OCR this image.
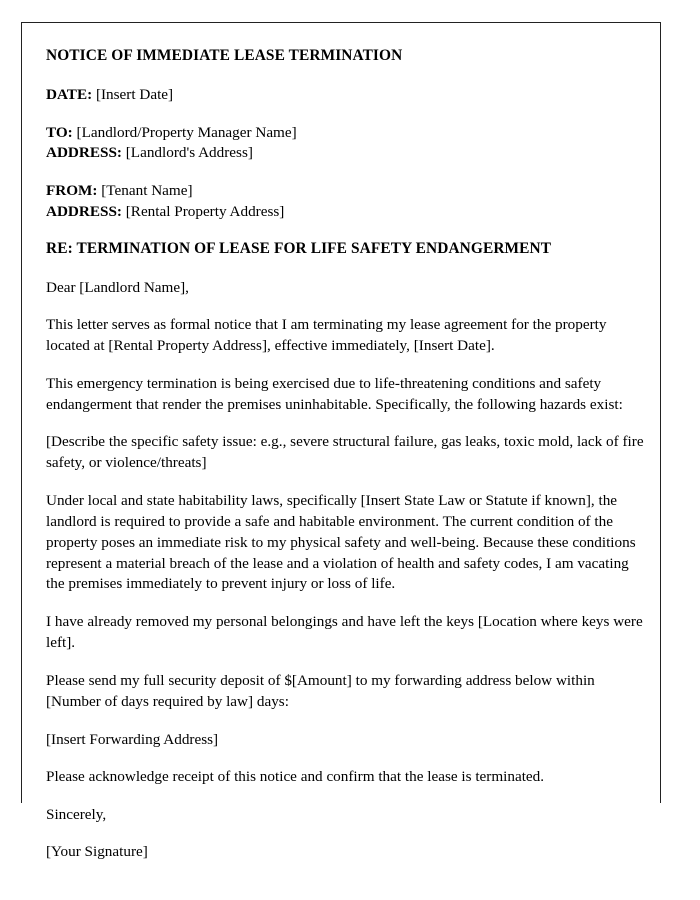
NOTICE OF IMMEDIATE LEASE TERMINATION

DATE: [Insert Date]

TO: [Landlord/Property Manager Name]

ADDRESS: [Landlord's Address]

FROM: [Tenant Name]

ADDRESS: [Rental Property Address]

RE: TERMINATION OF LEASE FOR LIFE SAFETY ENDANGERMENT

Dear [Landlord Name],

This letter serves as formal notice that I am terminating my lease agreement for the property located at [Rental Property Address], effective immediately, [Insert Date].

This emergency termination is being exercised due to life-threatening conditions and safety endangerment that render the premises uninhabitable. Specifically, the following hazards exist:

[Describe the specific safety issue: e.g., severe structural failure, gas leaks, toxic mold, lack of fire safety, or violence/threats]

Under local and state habitability laws, specifically [Insert State Law or Statute if known], the landlord is required to provide a safe and habitable environment. The current condition of the property poses an immediate risk to my physical safety and well-being. Because these conditions represent a material breach of the lease and a violation of health and safety codes, I am vacating the premises immediately to prevent injury or loss of life.

I have already removed my personal belongings and have left the keys [Location where keys were left].

Please send my full security deposit of $[Amount] to my forwarding address below within [Number of days required by law] days:

[Insert Forwarding Address]

Please acknowledge receipt of this notice and confirm that the lease is terminated.

Sincerely,

[Your Signature]
